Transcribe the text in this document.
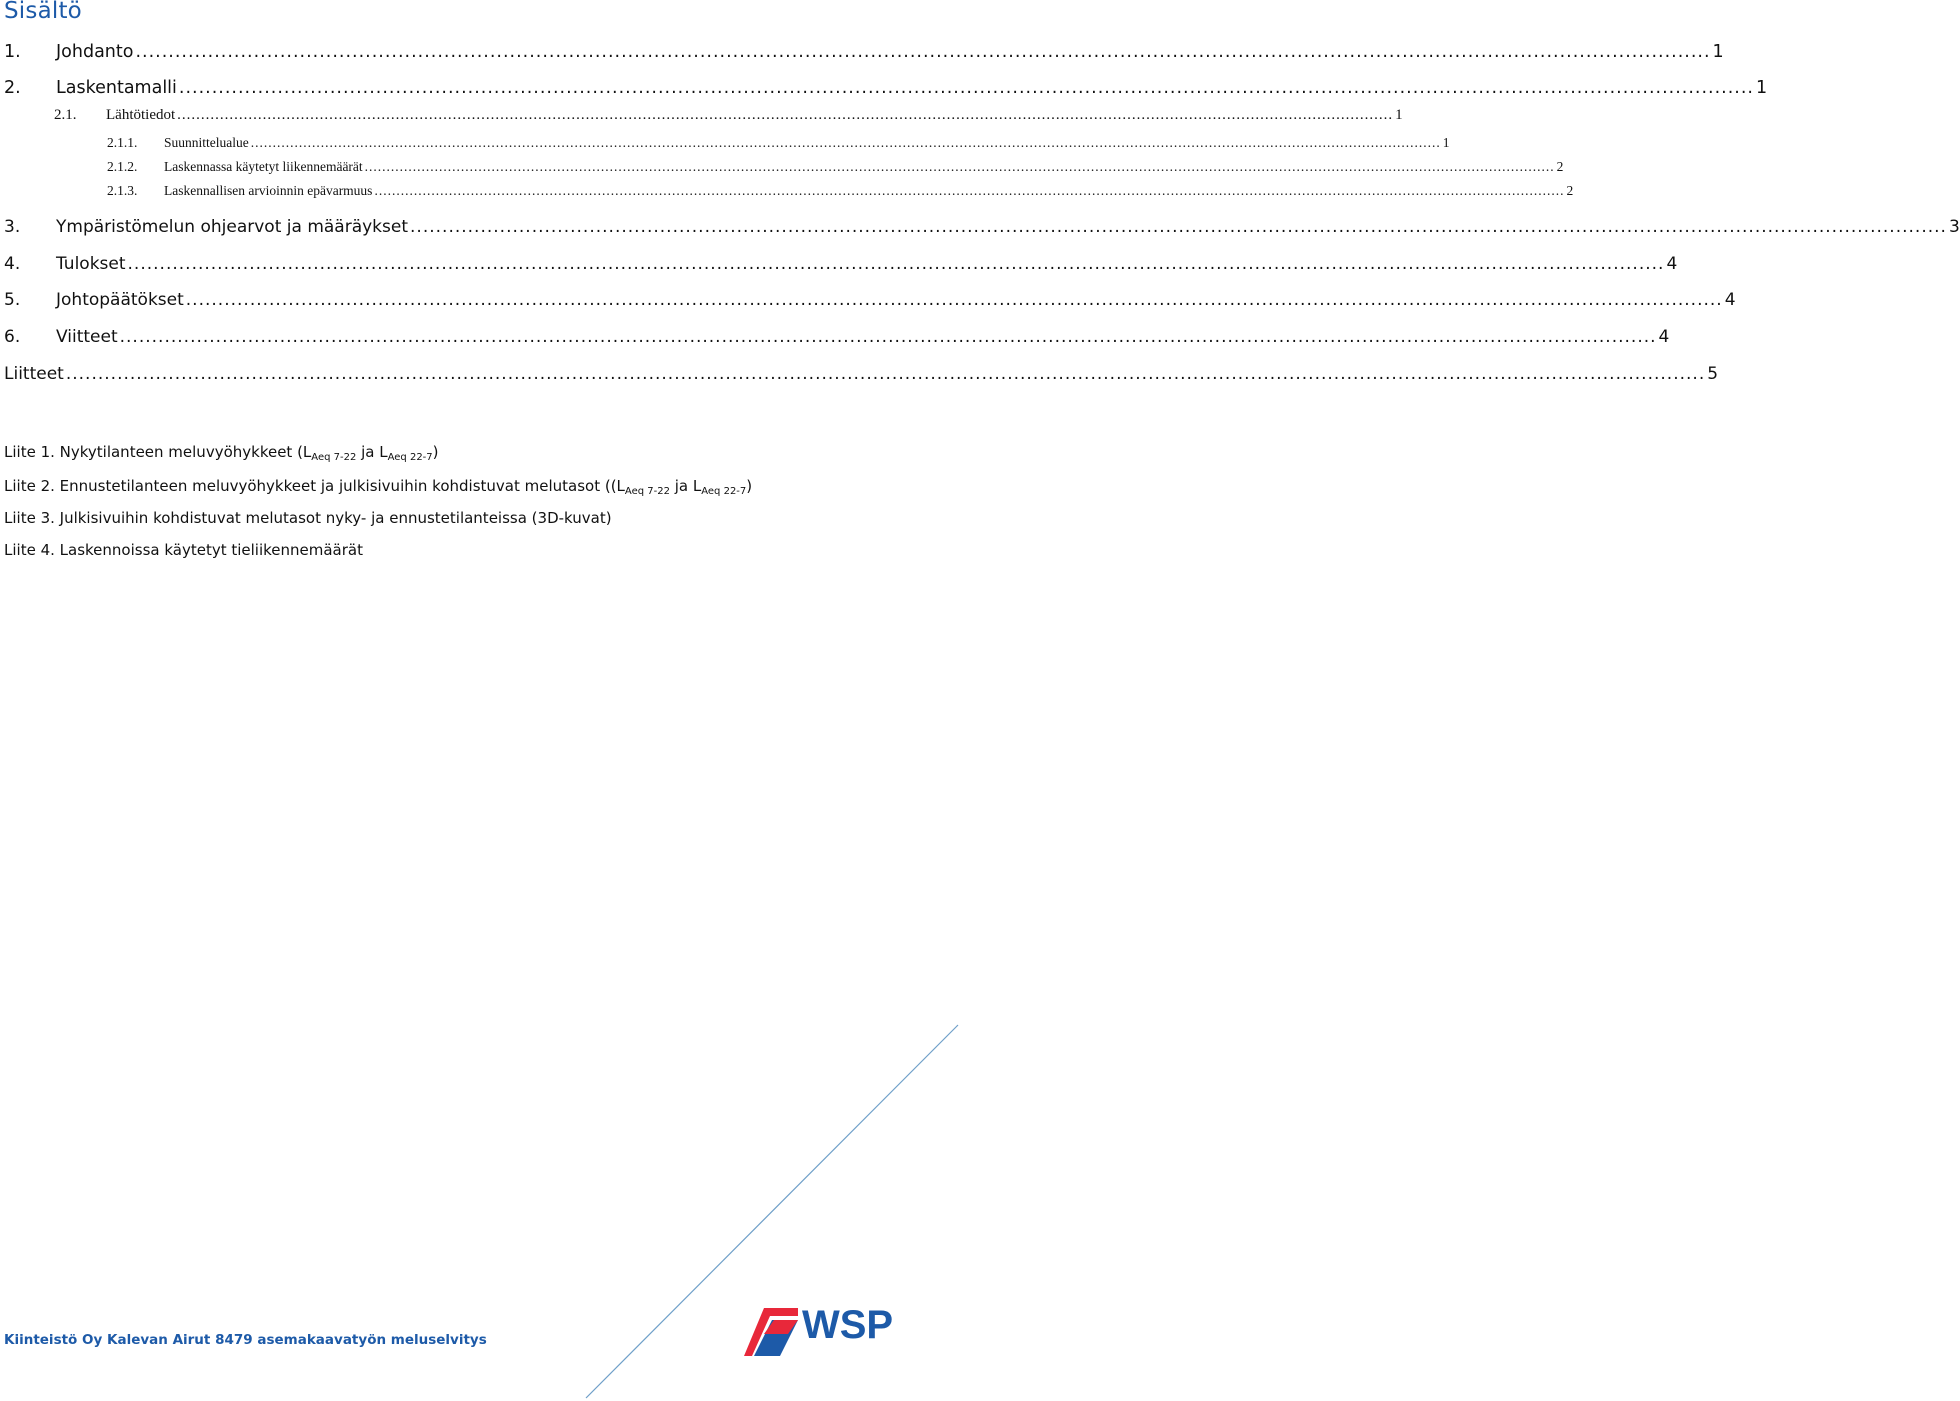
Sisältö
1.	Johdanto ................................................................................................................................................................................................................................................ 1
2.	Laskentamalli ................................................................................................................................................................................................................................................ 1
2.1.	Lähtötiedot ................................................................................................................................................................................................................................................................ 1
2.1.1.	Suunnittelualue ................................................................................................................................................................................................................................................................................ 1
2.1.2.	Laskennassa käytetyt liikennemäärät ................................................................................................................................................................................................................................................................................ 2
2.1.3.	Laskennallisen arvioinnin epävarmuus ................................................................................................................................................................................................................................................................................ 2
3.	Ympäristömelun ohjearvot ja määräykset ................................................................................................................................................................................................................................................ 3
4.	Tulokset ................................................................................................................................................................................................................................................ 4
5.	Johtopäätökset ................................................................................................................................................................................................................................................ 4
6.	Viitteet ................................................................................................................................................................................................................................................ 4
Liitteet ................................................................................................................................................................................................................................................................ 5
Liite 1. Nykytilanteen meluvyöhykkeet ($L_{Aeq 7-22}$ ja $L_{Aeq 22-7}$)
Liite 2. Ennustetilanteen meluvyöhykkeet ja julkisivuihin kohdistuvat melutasot (($L_{Aeq 7-22}$ ja $L_{Aeq 22-7}$)
Liite 3. Julkisivuihin kohdistuvat melutasot nyky- ja ennustetilanteissa (3D-kuvat)
Liite 4. Laskennoissa käytetyt tieliikennemäärät
Kiinteistö Oy Kalevan Airut 8479 asemakaavatyön meluselvitys	WSP
